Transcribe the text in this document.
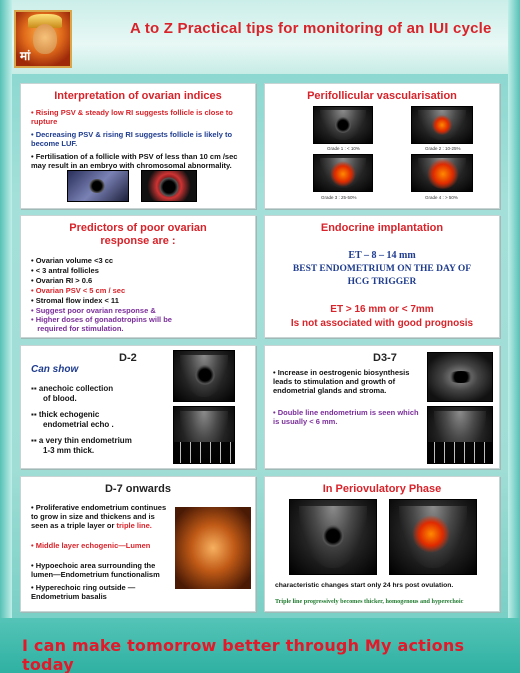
मां
A to Z Practical tips for monitoring of an IUI cycle
Interpretation of ovarian indices
• Rising PSV & steady low RI suggests follicle is close to rupture
• Decreasing PSV & rising RI suggests follicle is likely to become LUF.
• Fertilisation of a follicle with PSV of less than 10 cm /sec may result in an embryo with chromosomal abnormality.
Perifollicular vascularisation
Grade 1 : < 10%	Grade 2 : 10-25%
Grade 3 : 25-50%	Grade 4 : > 50%
Predictors of poor ovarian
response are :
• Ovarian volume <3 cc
• < 3 antral follicles
• Ovarian RI > 0.6
• Ovarian PSV < 5 cm / sec
• Stromal flow index < 11
• Suggest poor ovarian response &
• Higher doses of gonadotropins will be
required for stimulation.
Endocrine implantation
ET – 8 – 14 mm
BEST ENDOMETRIUM ON THE DAY OF
HCG TRIGGER
ET > 16 mm or < 7mm
Is not associated with good prognosis
D-2
Can show
▪▪ anechoic collection
of blood.
▪▪ thick echogenic
endometrial echo .
▪▪ a very thin endometrium
1-3 mm thick.
D3-7
• Increase in oestrogenic biosynthesis leads to stimulation and growth of endometrial glands and stroma.
• Double line endometrium is seen which is usually < 6 mm.
D-7 onwards
• Proliferative endometrium continues to grow in size and thickens and is seen as a triple layer or triple line.
• Middle layer echogenic—Lumen
• Hypoechoic area surrounding the lumen—Endometrium functionalism
• Hyperechoic ring outside —Endometrium basalis
In Periovulatory Phase
characteristic changes start only 24 hrs post ovulation.
Triple line progressively becomes thicker, homogenous and hyperechoic
I can make tomorrow better through My actions today
